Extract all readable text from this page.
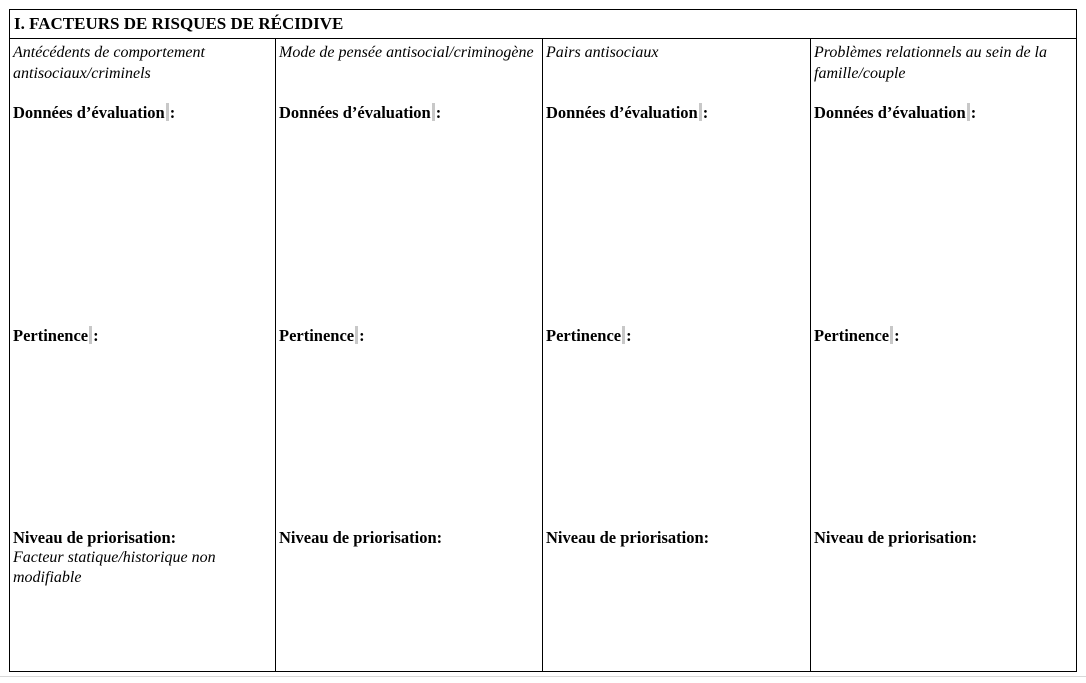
I. FACTEURS DE RISQUES DE RÉCIDIVE
Antécédents de comportement antisociaux/criminels
Données d’évaluation :
Pertinence :
Niveau de priorisation:
Facteur statique/historique non modifiable
Mode de pensée antisocial/criminogène
Données d’évaluation :
Pertinence :
Niveau de priorisation:
Pairs antisociaux
Données d’évaluation :
Pertinence :
Niveau de priorisation:
Problèmes relationnels au sein de la famille/couple
Données d’évaluation :
Pertinence :
Niveau de priorisation:
